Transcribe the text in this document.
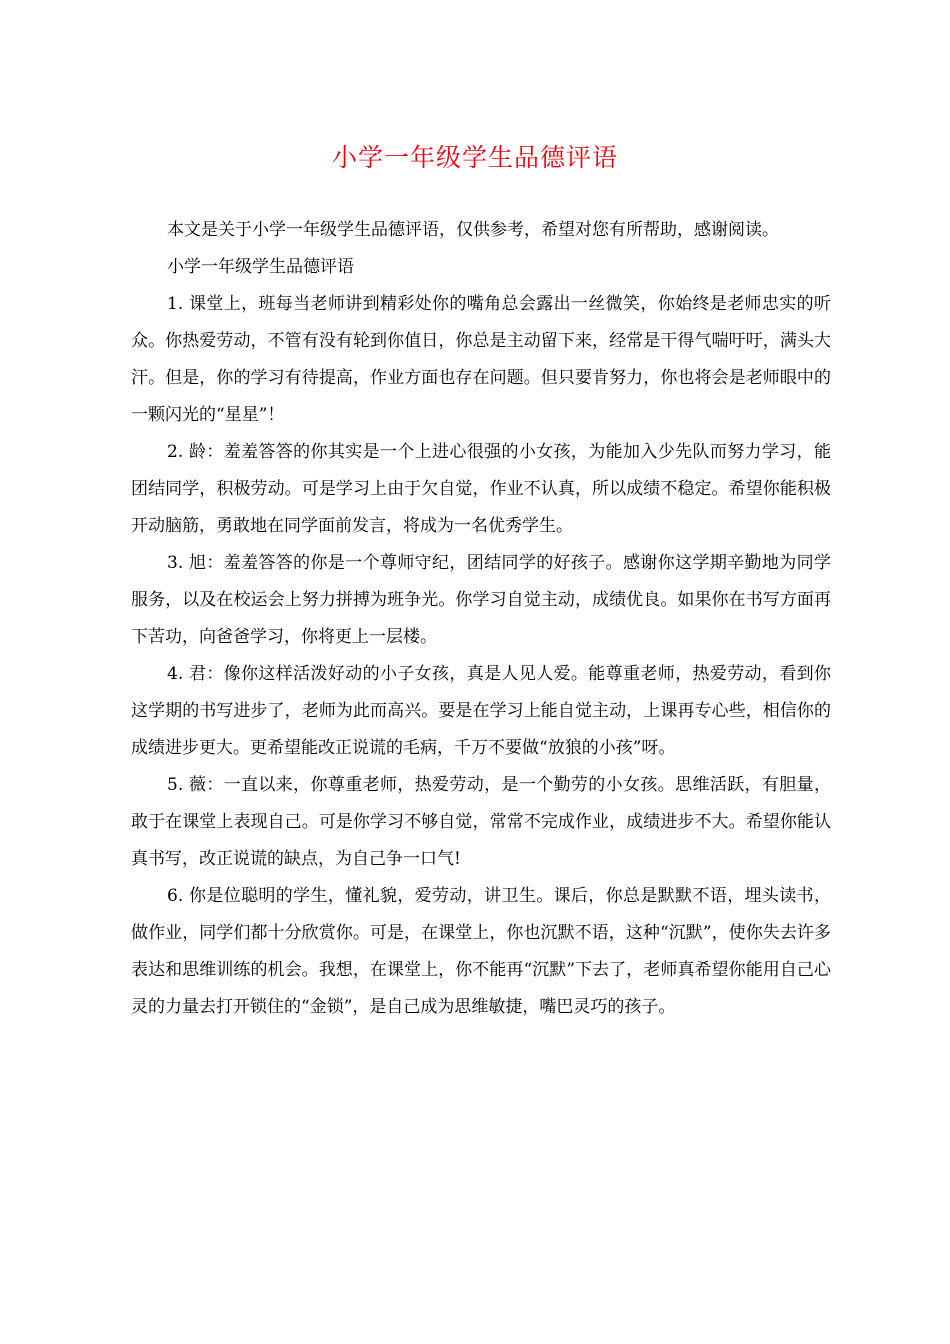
小学一年级学生品德评语

本文是关于小学一年级学生品德评语，仅供参考，希望对您有所帮助，感谢阅读。

小学一年级学生品德评语

1. 课堂上，班每当老师讲到精彩处你的嘴角总会露出一丝微笑，你始终是老师忠实的听众。你热爱劳动，不管有没有轮到你值日，你总是主动留下来，经常是干得气喘吁吁，满头大汗。但是，你的学习有待提高，作业方面也存在问题。但只要肯努力，你也将会是老师眼中的一颗闪光的“星星”！

2. 龄：羞羞答答的你其实是一个上进心很强的小女孩，为能加入少先队而努力学习，能团结同学，积极劳动。可是学习上由于欠自觉，作业不认真，所以成绩不稳定。希望你能积极开动脑筋，勇敢地在同学面前发言，将成为一名优秀学生。

3. 旭：羞羞答答的你是一个尊师守纪，团结同学的好孩子。感谢你这学期辛勤地为同学服务，以及在校运会上努力拼搏为班争光。你学习自觉主动，成绩优良。如果你在书写方面再下苦功，向爸爸学习，你将更上一层楼。

4. 君：像你这样活泼好动的小子女孩，真是人见人爱。能尊重老师，热爱劳动，看到你这学期的书写进步了，老师为此而高兴。要是在学习上能自觉主动，上课再专心些，相信你的成绩进步更大。更希望能改正说谎的毛病，千万不要做“放狼的小孩”呀。

5. 薇：一直以来，你尊重老师，热爱劳动，是一个勤劳的小女孩。思维活跃，有胆量，敢于在课堂上表现自己。可是你学习不够自觉，常常不完成作业，成绩进步不大。希望你能认真书写，改正说谎的缺点，为自己争一口气!

6. 你是位聪明的学生，懂礼貌，爱劳动，讲卫生。课后，你总是默默不语，埋头读书，做作业，同学们都十分欣赏你。可是，在课堂上，你也沉默不语，这种“沉默”，使你失去许多表达和思维训练的机会。我想，在课堂上，你不能再“沉默”下去了，老师真希望你能用自己心灵的力量去打开锁住的“金锁”，是自己成为思维敏捷，嘴巴灵巧的孩子。
